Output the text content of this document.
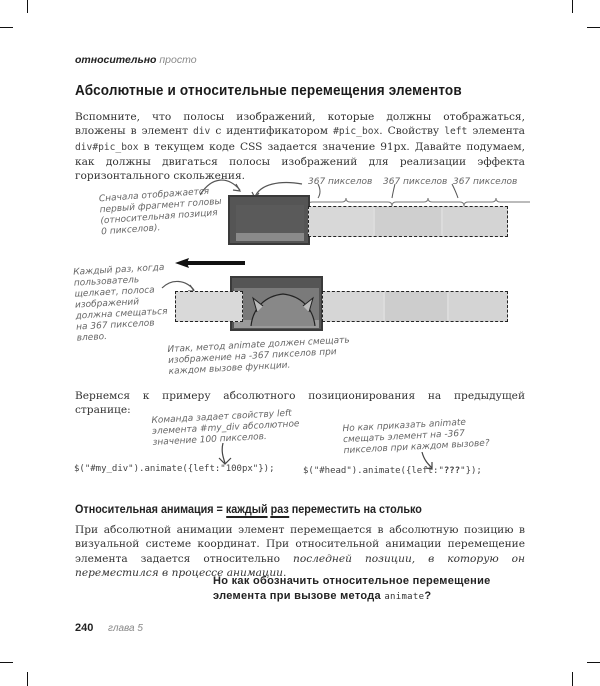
относительно просто
Абсолютные и относительные перемещения элементов
Вспомните, что полосы изображений, которые должны отображаться, вложены в элемент div с идентификатором #pic_box. Свойству left элемента div#pic_box в текущем коде CSS задается значение 91px. Давайте подумаем, как должны двигаться полосы изображений для реализации эффекта горизонтального скольжения.
Сначала отображается первый фрагмент головы (относительная позиция 0 пикселов).
367 пикселов 367 пикселов 367 пикселов
Каждый раз, когда пользователь щелкает, полоса изображений должна смещаться на 367 пикселов влево.	Итак, метод animate должен смещать изображение на -367 пикселов при каждом вызове функции.
Вернемся к примеру абсолютного позиционирования на предыдущей странице:	Команда задает свойству left элемента #my_div абсолютное значение 100 пикселов.
Но как приказать animate смещать элемент на -367 пикселов при каждом вызове?
$("#my_div").animate({left:"100px"});	$("#head").animate({left:"???"});
Относительная анимация = каждый раз переместить на столько
При абсолютной анимации элемент перемещается в абсолютную позицию в визуальной системе координат. При относительной анимации перемещение элемента задается относительно последней позиции, в которую он переместился в процессе анимации.
Но как обозначить относительное перемещение
элемента при вызове метода animate?
240 глава 5
